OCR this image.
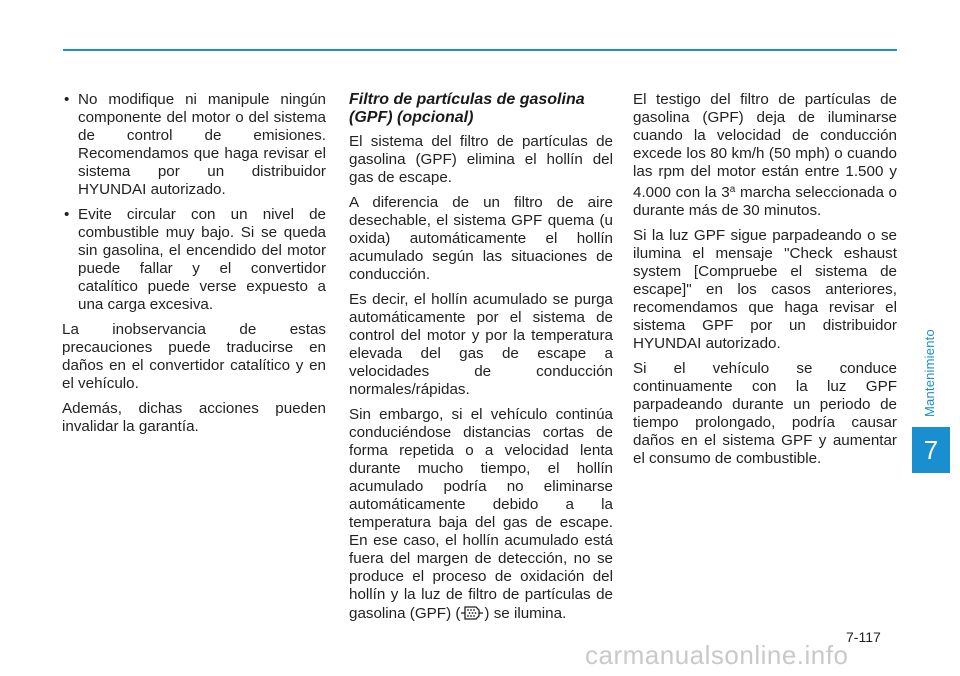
Mantenimiento
7
• No modifique ni manipule ningún componente del motor o del sistema de control de emisiones. Recomendamos que haga revisar el sistema por un distribuidor HYUNDAI autorizado.
• Evite circular con un nivel de combustible muy bajo. Si se queda sin gasolina, el encendido del motor puede fallar y el convertidor catalítico puede verse expuesto a una carga excesiva.

La inobservancia de estas precauciones puede traducirse en daños en el convertidor catalítico y en el vehículo.

Además, dichas acciones pueden invalidar la garantía.

Filtro de partículas de gasolina (GPF) (opcional)

El sistema del filtro de partículas de gasolina (GPF) elimina el hollín del gas de escape.

A diferencia de un filtro de aire desechable, el sistema GPF quema (u oxida) automáticamente el hollín acumulado según las situaciones de conducción.

Es decir, el hollín acumulado se purga automáticamente por el sistema de control del motor y por la temperatura elevada del gas de escape a velocidades de conducción normales/rápidas.

Sin embargo, si el vehículo continúa conduciéndose distancias cortas de forma repetida o a velocidad lenta durante mucho tiempo, el hollín acumulado podría no eliminarse automáticamente debido a la temperatura baja del gas de escape. En ese caso, el hollín acumulado está fuera del margen de detección, no se produce el proceso de oxidación del hollín y la luz de filtro de partículas de gasolina (GPF) ( ) se ilumina.

El testigo del filtro de partículas de gasolina (GPF) deja de iluminarse cuando la velocidad de conducción excede los 80 km/h (50 mph) o cuando las rpm del motor están entre 1.500 y 4.000 con la 3$^a$ marcha seleccionada o durante más de 30 minutos.

Si la luz GPF sigue parpadeando o se ilumina el mensaje "Check eshaust system [Compruebe el sistema de escape]" en los casos anteriores, recomendamos que haga revisar el sistema GPF por un distribuidor HYUNDAI autorizado.

Si el vehículo se conduce continuamente con la luz GPF parpadeando durante un periodo de tiempo prolongado, podría causar daños en el sistema GPF y aumentar el consumo de combustible.

7-117
carmanualsonline.info
